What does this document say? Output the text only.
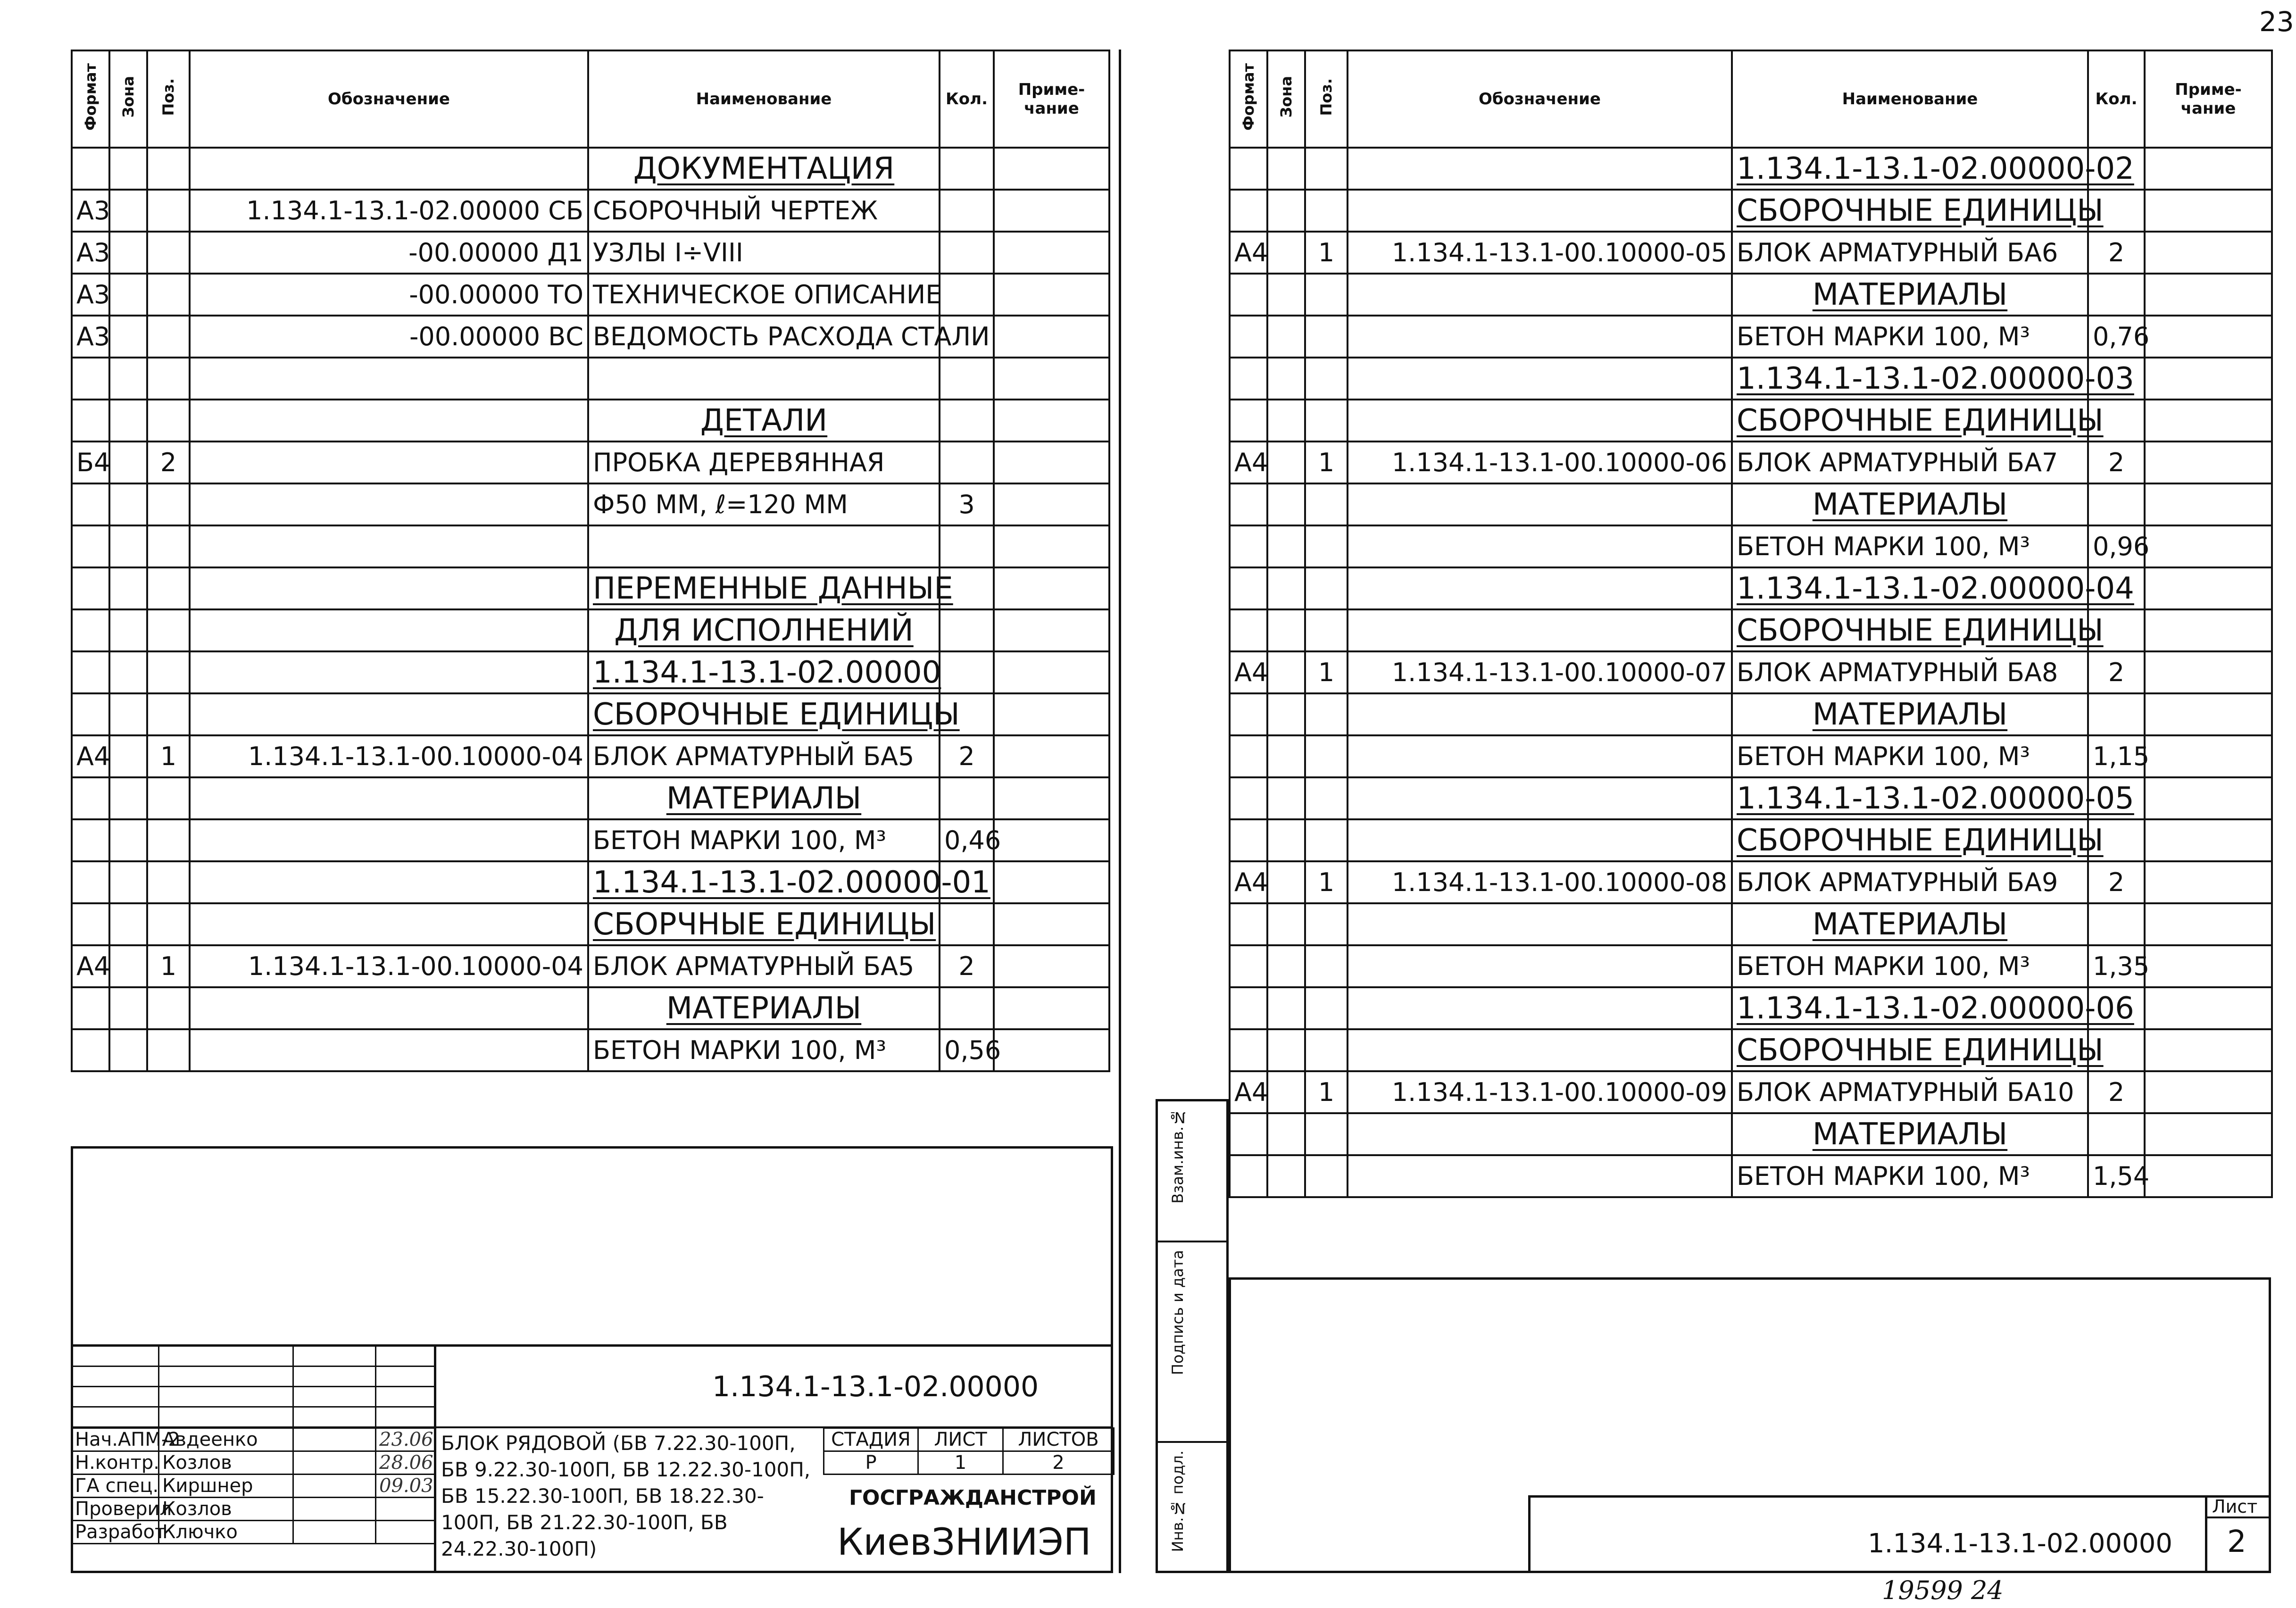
23
Формат	Зона	Поз.	Обозначение	Наименование	Кол.	Приме-чание
				ДОКУМЕНТАЦИЯ		
А3			1.134.1-13.1-02.00000 СБ	СБОРОЧНЫЙ ЧЕРТЕЖ		
А3			-00.00000 Д1	УЗЛЫ I÷VIII		
А3			-00.00000 ТО	ТЕХНИЧЕСКОЕ ОПИСАНИЕ		
А3			-00.00000 ВС	ВЕДОМОСТЬ РАСХОДА СТАЛИ		

				ДЕТАЛИ		
Б4		2		ПРОБКА ДЕРЕВЯННАЯ		
				Ф50 ММ, ℓ=120 ММ	3	

				ПЕРЕМЕННЫЕ ДАННЫЕ		
				ДЛЯ ИСПОЛНЕНИЙ		
				1.134.1-13.1-02.00000		
				СБОРОЧНЫЕ ЕДИНИЦЫ		
А4		1	1.134.1-13.1-00.10000-04	БЛОК АРМАТУРНЫЙ БА5	2	
				МАТЕРИАЛЫ		
				БЕТОН МАРКИ 100, М³	0,46	
				1.134.1-13.1-02.00000-01		
				СБОРЧНЫЕ ЕДИНИЦЫ		
А4		1	1.134.1-13.1-00.10000-04	БЛОК АРМАТУРНЫЙ БА5	2	
				МАТЕРИАЛЫ		
				БЕТОН МАРКИ 100, М³	0,56	

1.134.1-13.1-02.00000
Нач.АПМ-2	Авдеенко		23.06
Н.контр.	Козлов		28.06
ГА спец.	Киршнер		09.03
Проверил	Козлов		
Разработ	Ключко		
БЛОК РЯДОВОЙ (БВ 7.22.30-100П, БВ 9.22.30-100П, БВ 12.22.30-100П, БВ 15.22.30-100П, БВ 18.22.30-100П, БВ 21.22.30-100П, БВ 24.22.30-100П)
СТАДИЯ	ЛИСТ	ЛИСТОВ
Р	1	2
ГОСГРАЖДАНСТРОЙ
КиевЗНИИЭП
Взам.инв.№
Подпись и дата
Инв.№ подл.
Формат	Зона	Поз.	Обозначение	Наименование	Кол.	Приме-чание
				1.134.1-13.1-02.00000-02		
				СБОРОЧНЫЕ ЕДИНИЦЫ		
А4		1	1.134.1-13.1-00.10000-05	БЛОК АРМАТУРНЫЙ БА6	2	
				МАТЕРИАЛЫ		
				БЕТОН МАРКИ 100, М³	0,76	
				1.134.1-13.1-02.00000-03		
				СБОРОЧНЫЕ ЕДИНИЦЫ		
А4		1	1.134.1-13.1-00.10000-06	БЛОК АРМАТУРНЫЙ БА7	2	
				МАТЕРИАЛЫ		
				БЕТОН МАРКИ 100, М³	0,96	
				1.134.1-13.1-02.00000-04		
				СБОРОЧНЫЕ ЕДИНИЦЫ		
А4		1	1.134.1-13.1-00.10000-07	БЛОК АРМАТУРНЫЙ БА8	2	
				МАТЕРИАЛЫ		
				БЕТОН МАРКИ 100, М³	1,15	
				1.134.1-13.1-02.00000-05		
				СБОРОЧНЫЕ ЕДИНИЦЫ		
А4		1	1.134.1-13.1-00.10000-08	БЛОК АРМАТУРНЫЙ БА9	2	
				МАТЕРИАЛЫ		
				БЕТОН МАРКИ 100, М³	1,35	
				1.134.1-13.1-02.00000-06		
				СБОРОЧНЫЕ ЕДИНИЦЫ		
А4		1	1.134.1-13.1-00.10000-09	БЛОК АРМАТУРНЫЙ БА10	2	
				МАТЕРИАЛЫ		
				БЕТОН МАРКИ 100, М³	1,54	
1.134.1-13.1-02.00000
Лист
2
19599 24
